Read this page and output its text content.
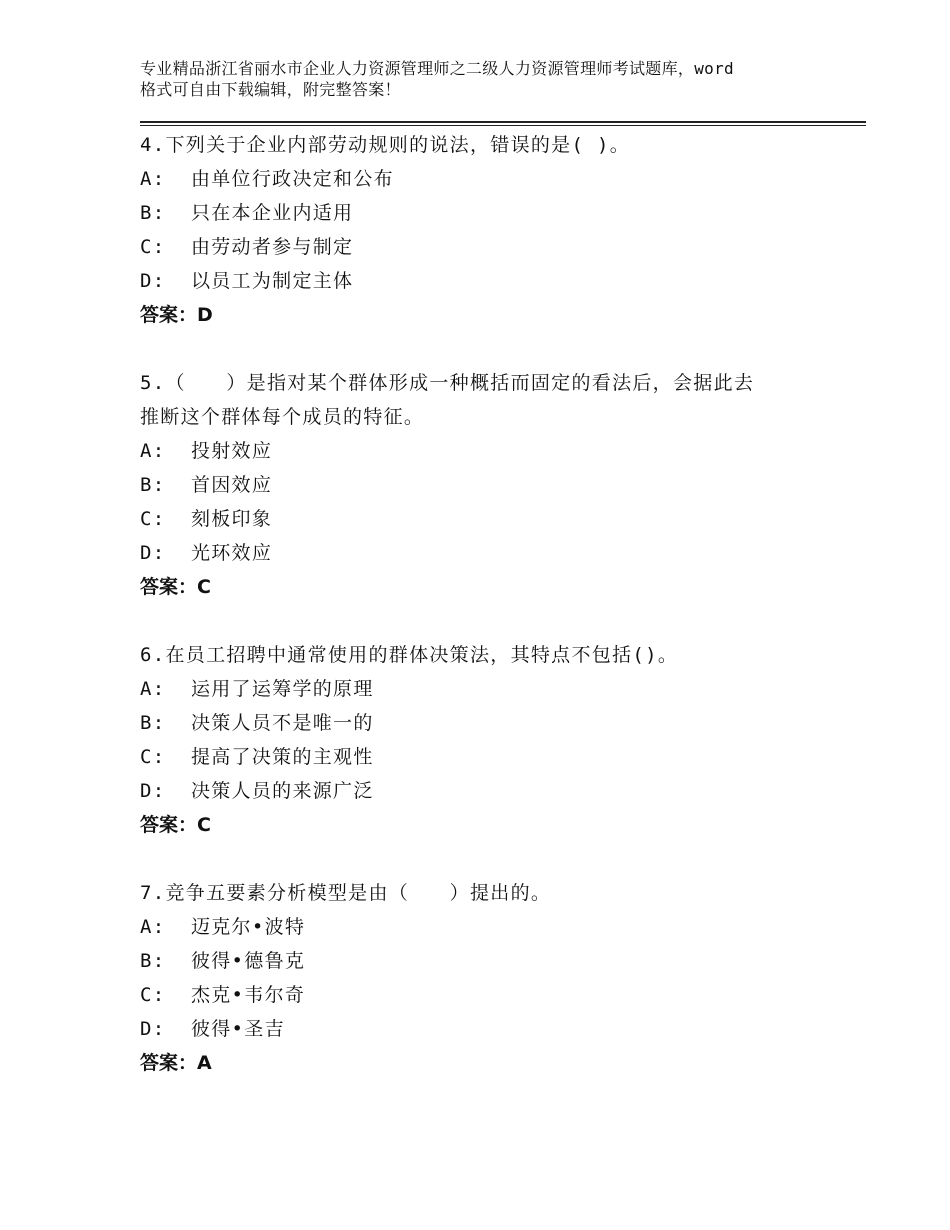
专业精品浙江省丽水市企业人力资源管理师之二级人力资源管理师考试题库，word
格式可自由下载编辑，附完整答案！

4.下列关于企业内部劳动规则的说法，错误的是( )。

A:  由单位行政决定和公布

B:  只在本企业内适用

C:  由劳动者参与制定

D:  以员工为制定主体

答案：D

5.（　　）是指对某个群体形成一种概括而固定的看法后，会据此去

推断这个群体每个成员的特征。

A:  投射效应

B:  首因效应

C:  刻板印象

D:  光环效应

答案：C

6.在员工招聘中通常使用的群体决策法，其特点不包括()。

A:  运用了运筹学的原理

B:  决策人员不是唯一的

C:  提高了决策的主观性

D:  决策人员的来源广泛

答案：C

7.竞争五要素分析模型是由（　　）提出的。

A:  迈克尔•波特

B:  彼得•德鲁克

C:  杰克•韦尔奇

D:  彼得•圣吉

答案：A
